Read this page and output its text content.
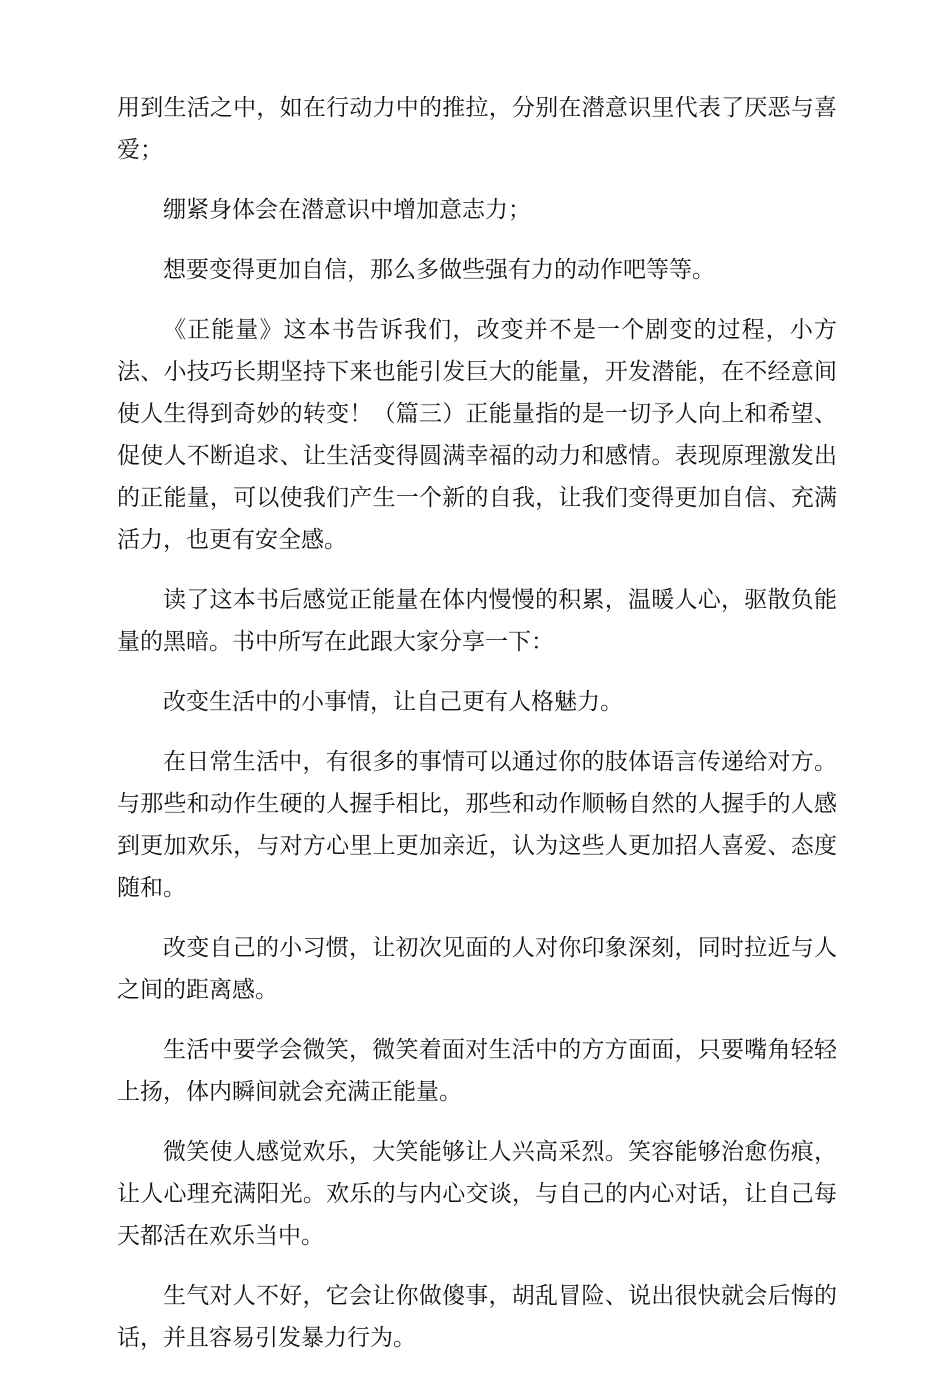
用到生活之中，如在行动力中的推拉，分别在潜意识里代表了厌恶与喜爱；

绷紧身体会在潜意识中增加意志力；

想要变得更加自信，那么多做些强有力的动作吧等等。

《正能量》这本书告诉我们，改变并不是一个剧变的过程，小方法、小技巧长期坚持下来也能引发巨大的能量，开发潜能，在不经意间使人生得到奇妙的转变！（篇三）正能量指的是一切予人向上和希望、促使人不断追求、让生活变得圆满幸福的动力和感情。表现原理激发出的正能量，可以使我们产生一个新的自我，让我们变得更加自信、充满活力，也更有安全感。

读了这本书后感觉正能量在体内慢慢的积累，温暖人心，驱散负能量的黑暗。书中所写在此跟大家分享一下：

改变生活中的小事情，让自己更有人格魅力。

在日常生活中，有很多的事情可以通过你的肢体语言传递给对方。与那些和动作生硬的人握手相比，那些和动作顺畅自然的人握手的人感到更加欢乐，与对方心里上更加亲近，认为这些人更加招人喜爱、态度随和。

改变自己的小习惯，让初次见面的人对你印象深刻，同时拉近与人之间的距离感。

生活中要学会微笑，微笑着面对生活中的方方面面，只要嘴角轻轻上扬，体内瞬间就会充满正能量。

微笑使人感觉欢乐，大笑能够让人兴高采烈。笑容能够治愈伤痕，让人心理充满阳光。欢乐的与内心交谈，与自己的内心对话，让自己每天都活在欢乐当中。

生气对人不好，它会让你做傻事，胡乱冒险、说出很快就会后悔的话，并且容易引发暴力行为。
